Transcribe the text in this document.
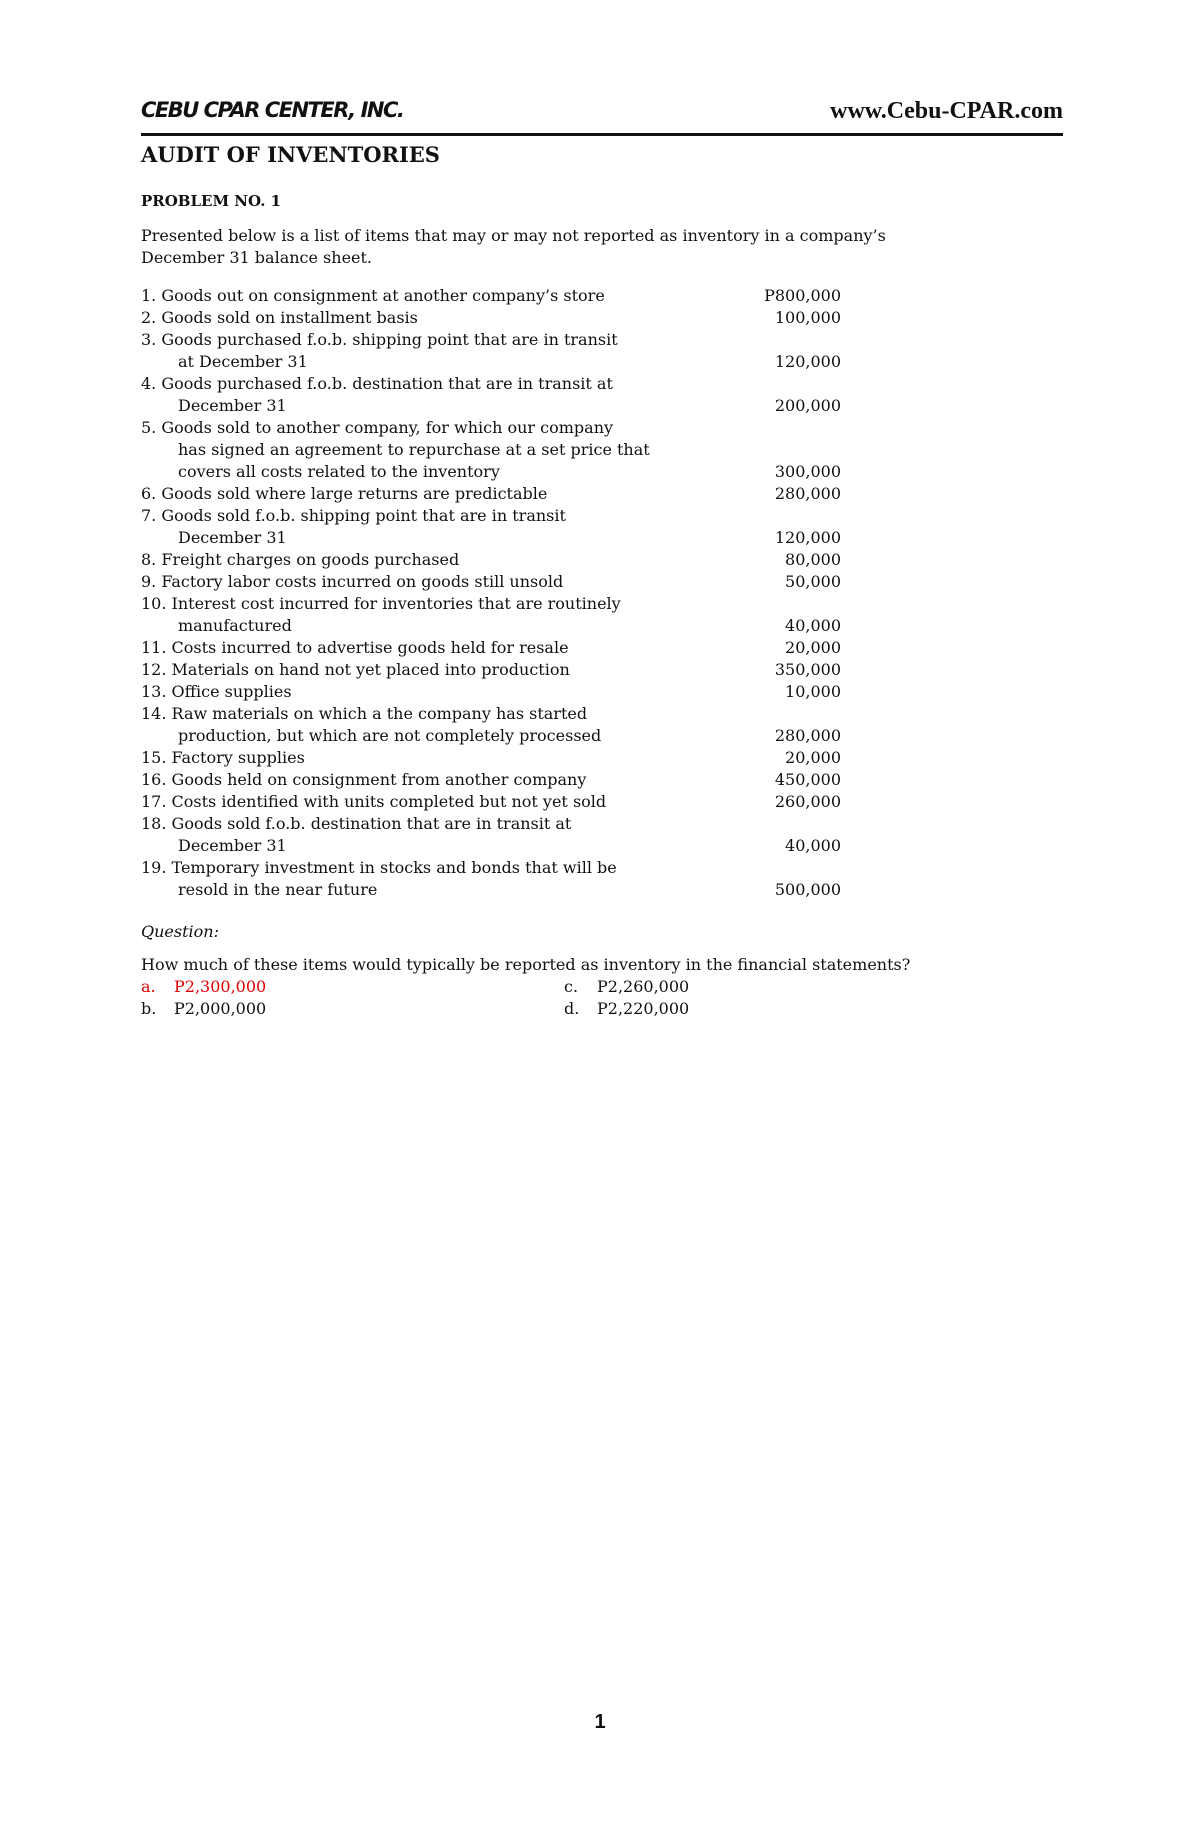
CEBU CPAR CENTER, INC.	www.Cebu-CPAR.com
AUDIT OF INVENTORIES
PROBLEM NO. 1
Presented below is a list of items that may or may not reported as inventory in a company’s
December 31 balance sheet.
1. Goods out on consignment at another company’s store	P800,000
2. Goods sold on installment basis	100,000
3. Goods purchased f.o.b. shipping point that are in transit
at December 31	120,000
4. Goods purchased f.o.b. destination that are in transit at
December 31	200,000
5. Goods sold to another company, for which our company
has signed an agreement to repurchase at a set price that
covers all costs related to the inventory	300,000
6. Goods sold where large returns are predictable	280,000
7. Goods sold f.o.b. shipping point that are in transit
December 31	120,000
8. Freight charges on goods purchased	80,000
9. Factory labor costs incurred on goods still unsold	50,000
10. Interest cost incurred for inventories that are routinely
manufactured	40,000
11. Costs incurred to advertise goods held for resale	20,000
12. Materials on hand not yet placed into production	350,000
13. Office supplies	10,000
14. Raw materials on which a the company has started
production, but which are not completely processed	280,000
15. Factory supplies	20,000
16. Goods held on consignment from another company	450,000
17. Costs identified with units completed but not yet sold	260,000
18. Goods sold f.o.b. destination that are in transit at
December 31	40,000
19. Temporary investment in stocks and bonds that will be
resold in the near future	500,000
Question:
How much of these items would typically be reported as inventory in the financial statements?
a. P2,300,000
b. P2,000,000
c. P2,260,000
d. P2,220,000
1
